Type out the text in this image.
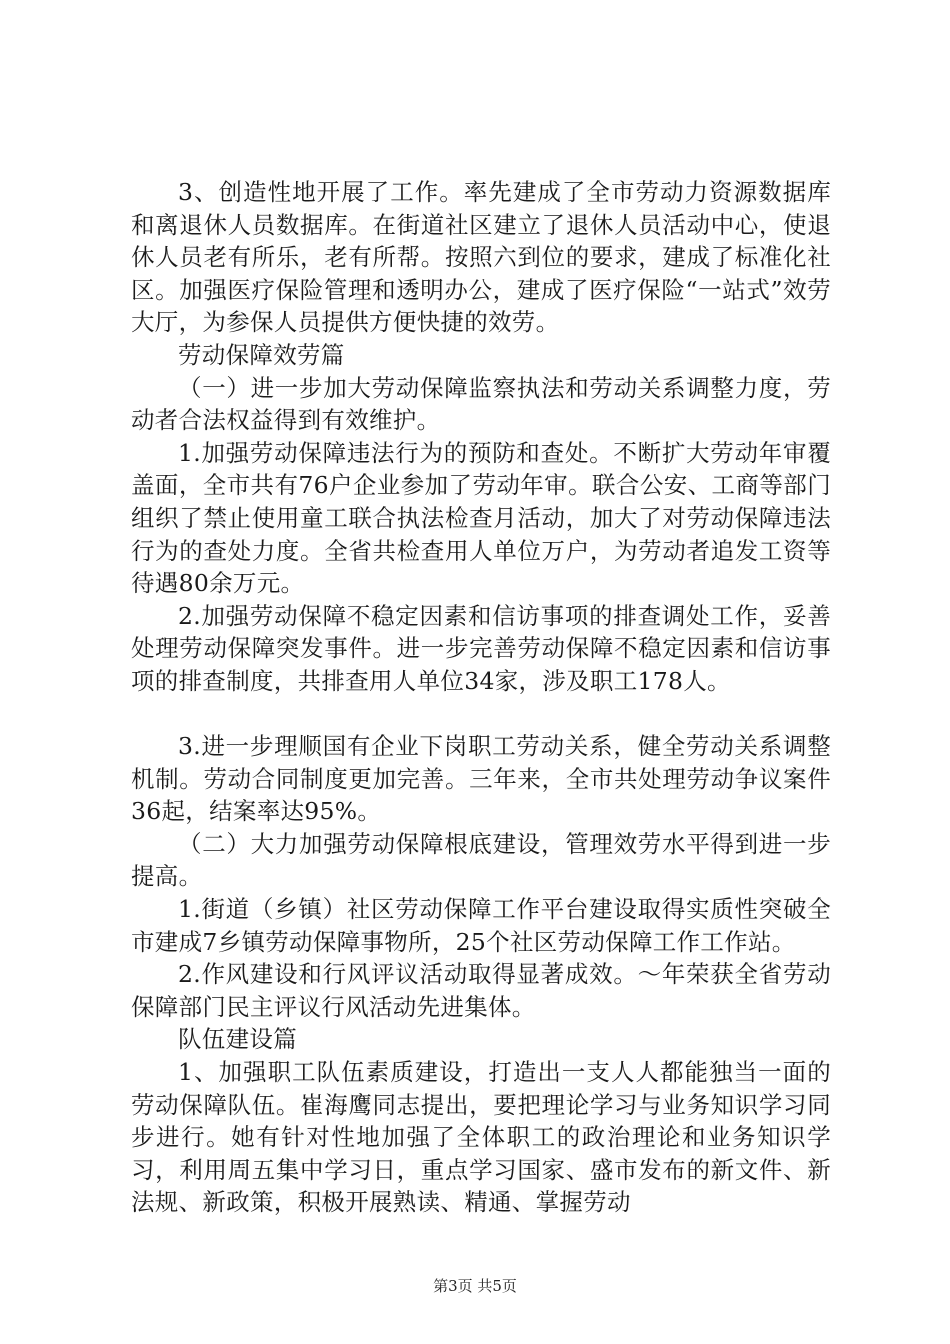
3、创造性地开展了工作。率先建成了全市劳动力资源数据库和离退休人员数据库。在街道社区建立了退休人员活动中心，使退休人员老有所乐，老有所帮。按照六到位的要求，建成了标准化社区。加强医疗保险管理和透明办公，建成了医疗保险“一站式”效劳大厅，为参保人员提供方便快捷的效劳。

劳动保障效劳篇

（一）进一步加大劳动保障监察执法和劳动关系调整力度，劳动者合法权益得到有效维护。

1.加强劳动保障违法行为的预防和查处。不断扩大劳动年审覆盖面，全市共有76户企业参加了劳动年审。联合公安、工商等部门组织了禁止使用童工联合执法检查月活动，加大了对劳动保障违法行为的查处力度。全省共检查用人单位万户，为劳动者追发工资等待遇80余万元。

2.加强劳动保障不稳定因素和信访事项的排查调处工作，妥善处理劳动保障突发事件。进一步完善劳动保障不稳定因素和信访事项的排查制度，共排查用人单位34家，涉及职工178人。

3.进一步理顺国有企业下岗职工劳动关系，健全劳动关系调整机制。劳动合同制度更加完善。三年来，全市共处理劳动争议案件36起，结案率达95%。

（二）大力加强劳动保障根底建设，管理效劳水平得到进一步提高。

1.街道（乡镇）社区劳动保障工作平台建设取得实质性突破全市建成7乡镇劳动保障事物所，25个社区劳动保障工作工作站。

2.作风建设和行风评议活动取得显著成效。～年荣获全省劳动保障部门民主评议行风活动先进集体。

队伍建设篇

1、加强职工队伍素质建设，打造出一支人人都能独当一面的劳动保障队伍。崔海鹰同志提出，要把理论学习与业务知识学习同步进行。她有针对性地加强了全体职工的政治理论和业务知识学习，利用周五集中学习日，重点学习国家、盛市发布的新文件、新法规、新政策，积极开展熟读、精通、掌握劳动

第3页 共5页
